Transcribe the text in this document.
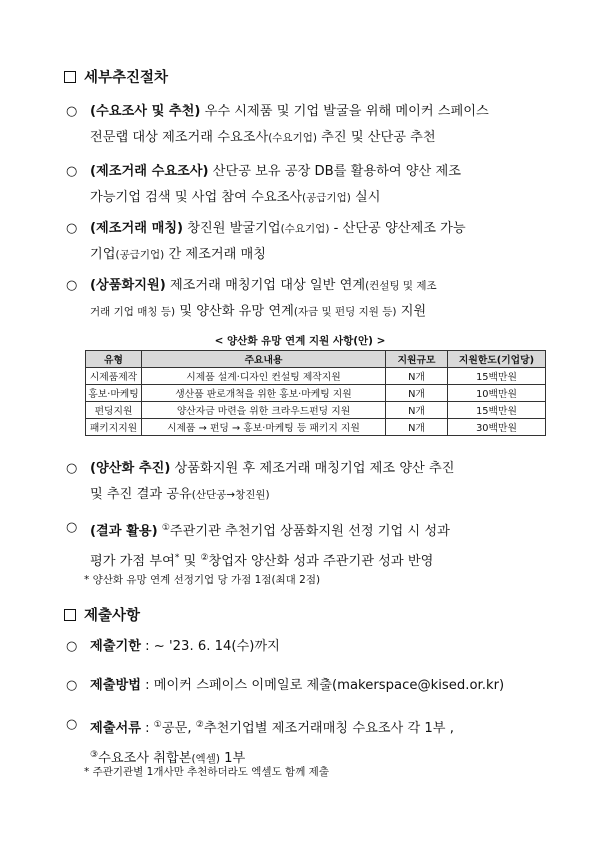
세부추진절차
○ (수요조사 및 추천) 우수 시제품 및 기업 발굴을 위해 메이커 스페이스
전문랩 대상 제조거래 수요조사(수요기업) 추진 및 산단공 추천
○ (제조거래 수요조사) 산단공 보유 공장 DB를 활용하여 양산 제조
가능기업 검색 및 사업 참여 수요조사(공급기업) 실시
○ (제조거래 매칭) 창진원 발굴기업(수요기업) - 산단공 양산제조 가능
기업(공급기업) 간 제조거래 매칭
○ (상품화지원) 제조거래 매칭기업 대상 일반 연계(컨설팅 및 제조
거래 기업 매칭 등) 및 양산화 유망 연계(자금 및 펀딩 지원 등) 지원
< 양산화 유망 연계 지원 사항(안) >
유형	주요내용	지원규모	지원한도(기업당)
시제품제작	시제품 설계·디자인 컨설팅 제작지원	N개	15백만원
홍보·마케팅	생산품 판로개척을 위한 홍보·마케팅 지원	N개	10백만원
펀딩지원	양산자금 마련을 위한 크라우드펀딩 지원	N개	15백만원
패키지지원	시제품 → 펀딩 → 홍보·마케팅 등 패키지 지원	N개	30백만원
○ (양산화 추진) 상품화지원 후 제조거래 매칭기업 제조 양산 추진
및 추진 결과 공유(산단공→창진원)
○ (결과 활용) ①주관기관 추천기업 상품화지원 선정 기업 시 성과
평가 가점 부여* 및 ②창업자 양산화 성과 주관기관 성과 반영
* 양산화 유망 연계 선정기업 당 가점 1점(최대 2점)
제출사항
○ 제출기한 : ~ '23. 6. 14(수)까지
○ 제출방법 : 메이커 스페이스 이메일로 제출(makerspace@kised.or.kr)
○ 제출서류 : ①공문, ②추천기업별 제조거래매칭 수요조사 각 1부 ,
③수요조사 취합본(엑셀) 1부
* 주관기관별 1개사만 추천하더라도 엑셀도 함께 제출
